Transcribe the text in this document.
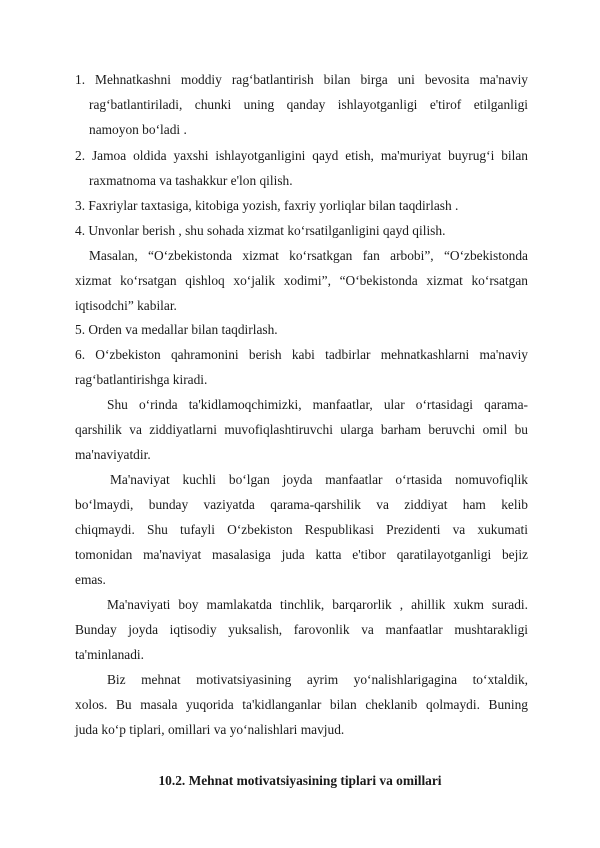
1. Mehnatkashni moddiy rag‘batlantirish bilan birga uni bevosita ma'naviy
rag‘batlantiriladi, chunki uning qanday ishlayotganligi e'tirof etilganligi
namoyon bo‘ladi .
2. Jamoa oldida yaxshi ishlayotganligini qayd etish, ma'muriyat buyrug‘i bilan
raxmatnoma va tashakkur e'lon qilish.
3. Faxriylar taxtasiga, kitobiga yozish, faxriy yorliqlar bilan taqdirlash .
4. Unvonlar berish , shu sohada xizmat ko‘rsatilganligini qayd qilish.
Masalan, “O‘zbekistonda xizmat ko‘rsatkgan fan arbobi”, “O‘zbekistonda
xizmat ko‘rsatgan qishloq xo‘jalik xodimi”, “O‘bekistonda xizmat ko‘rsatgan
iqtisodchi” kabilar.
5. Orden va medallar bilan taqdirlash.
6. O‘zbekiston qahramonini berish kabi tadbirlar mehnatkashlarni ma'naviy
rag‘batlantirishga kiradi.
Shu o‘rinda ta'kidlamoqchimizki, manfaatlar, ular o‘rtasidagi qarama-
qarshilik va ziddiyatlarni muvofiqlashtiruvchi ularga barham beruvchi omil bu
ma'naviyatdir.
Ma'naviyat kuchli bo‘lgan joyda manfaatlar o‘rtasida nomuvofiqlik
bo‘lmaydi, bunday vaziyatda qarama-qarshilik va ziddiyat ham kelib
chiqmaydi. Shu tufayli O‘zbekiston Respublikasi Prezidenti va xukumati
tomonidan ma'naviyat masalasiga juda katta e'tibor qaratilayotganligi bejiz
emas.
Ma'naviyati boy mamlakatda tinchlik, barqarorlik , ahillik xukm suradi.
Bunday joyda iqtisodiy yuksalish, farovonlik va manfaatlar mushtarakligi
ta'minlanadi.
Biz mehnat motivatsiyasining ayrim yo‘nalishlarigagina to‘xtaldik,
xolos. Bu masala yuqorida ta'kidlanganlar bilan cheklanib qolmaydi. Buning
juda ko‘p tiplari, omillari va yo‘nalishlari mavjud.
10.2. Mehnat motivatsiyasining tiplari va omillari
